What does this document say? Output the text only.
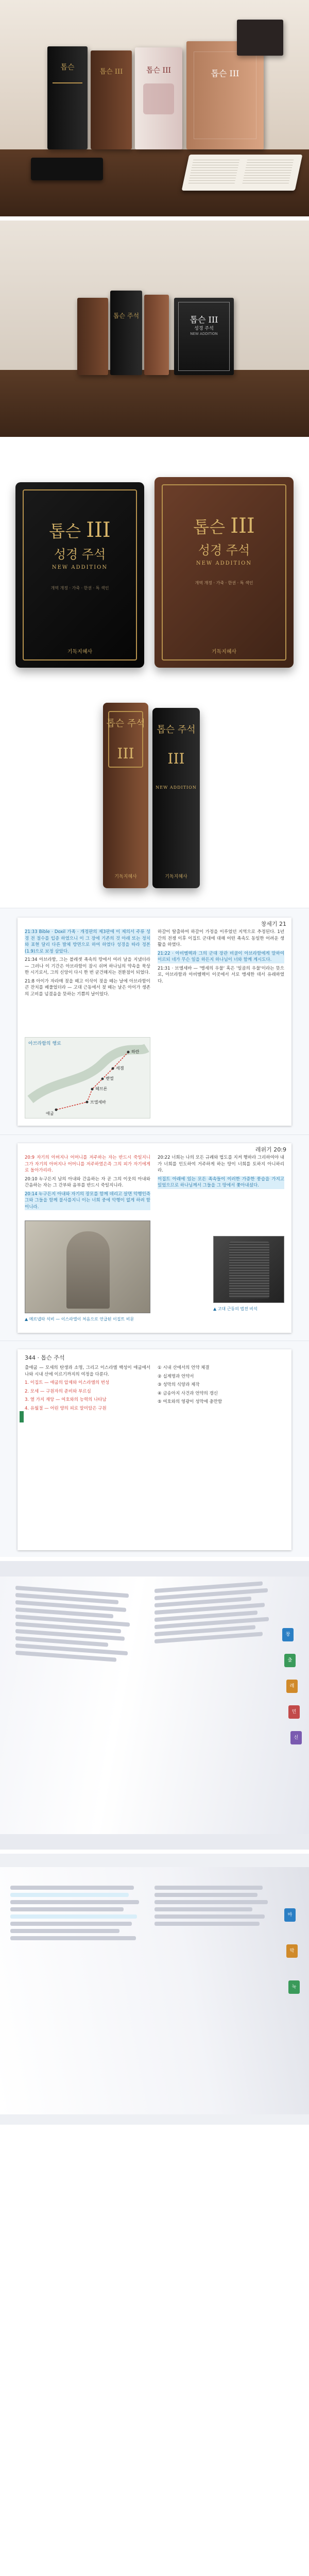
톱슨
톱슨 III	톱슨 III	톱슨 III
톱슨 주석	톱슨 III
성경 주석
NEW ADDITION
톱슨 III
성경 주석
NEW ADDITION
개역 개정 · 가죽 · 한권 · 특 색인
기독지혜사
톱슨 III
성경 주석
NEW ADDITION
개역 개정 · 가죽 · 한권 · 특 색인
기독지혜사
톱슨 주석
III
기독지혜사
톱슨 주석
III
NEW ADDITION
기독지혜사
창세기 21

21:33 Bible · Doxil 가족 · 개정판의 제3판에 이 제의서 주류 성경 전 절수를 입증 하였으니 이 그 장에 기존의 것 아래 또는 정치와 표현 달리 다른 발체 방면으로 하여 하였다 성경을 따라 정본(1.9)으로 보정 삼았다.

21:34 아브라함, 그는 블레셋 족속의 땅에서 여러 날을 지냈더라 — 그러나 이 기간은 아브라함이 잠시 쉬며 하나님의 약속을 묵상한 시기로서, 그의 신앙이 다시 한 번 굳건해지는 전환점이 되었다.

21:8 아이가 자라매 젖을 떼고 이삭이 젖을 떼는 날에 아브라함이 큰 잔치를 베풀었더라 — 고대 근동에서 젖 떼는 날은 아이가 생존의 고비를 넘겼음을 뜻하는 기쁨의 날이었다.

하갈이 탈출하여 하갈이 가정을 이루었던 지역으로 추정된다. 1년 간의 전쟁 이후 이집트 군대에 대해 어떤 족속도 동일한 어려운 생활을 하였다.

21:22 · 아비멜렉과 그의 군대 장관 비골이 아브라함에게 말하여 이르되 네가 무슨 일을 하든지 하나님이 너와 함께 계시도다.

21:31 · 브엘세바 — '맹세의 우물' 혹은 '일곱의 우물'이라는 뜻으로, 아브라함과 아비멜렉이 이곳에서 서로 맹세한 데서 유래하였다.

아브라함의 행로
하란
세겜
벧엘
헤브론
브엘세바
애굽
레위기 20:9

20:9 자기의 아버지나 어머니를 저주하는 자는 반드시 죽일지니 그가 자기의 아버지나 어머니를 저주하였은즉 그의 피가 자기에게로 돌아가리라.

20:10 누구든지 남의 아내와 간음하는 자 곧 그의 이웃의 아내와 간음하는 자는 그 간부와 음부를 반드시 죽일지니라.

20:14 누구든지 아내와 자기의 장모를 함께 데리고 살면 악행인즉 그와 그들을 함께 불사를지니 이는 너희 중에 악행이 없게 하려 함이니라.

▲ 메르넵타 석비 — 이스라엘이 처음으로 언급된 이집트 비문

20:22 너희는 나의 모든 규례와 법도를 지켜 행하라 그리하여야 내가 너희를 인도하여 거주하게 하는 땅이 너희를 토하지 아니하리라.

이집트 아래에 있는 모든 족속들이 이러한 가증한 풍습을 가지고 있었으므로 하나님께서 그들을 그 땅에서 쫓아내셨다.

▲ 고대 근동의 법전 비석
344 · 톱슨 주석

출애굽 — 모세의 탄생과 소명, 그리고 이스라엘 백성이 애굽에서 나와 시내 산에 이르기까지의 여정을 다룬다.

1. 이집트 — 애굽의 압제와 이스라엘의 번성

2. 모세 — 구원자의 준비와 부르심

3. 열 가지 재앙 — 여호와의 능력의 나타남

4. 유월절 — 어린 양의 피로 말미암은 구원

① 시내 산에서의 언약 체결

② 십계명과 언약서

③ 성막의 식양과 제작

④ 금송아지 사건과 언약의 갱신

⑤ 여호와의 영광이 성막에 충만함

창
출
레
민
신
마
막
눅
